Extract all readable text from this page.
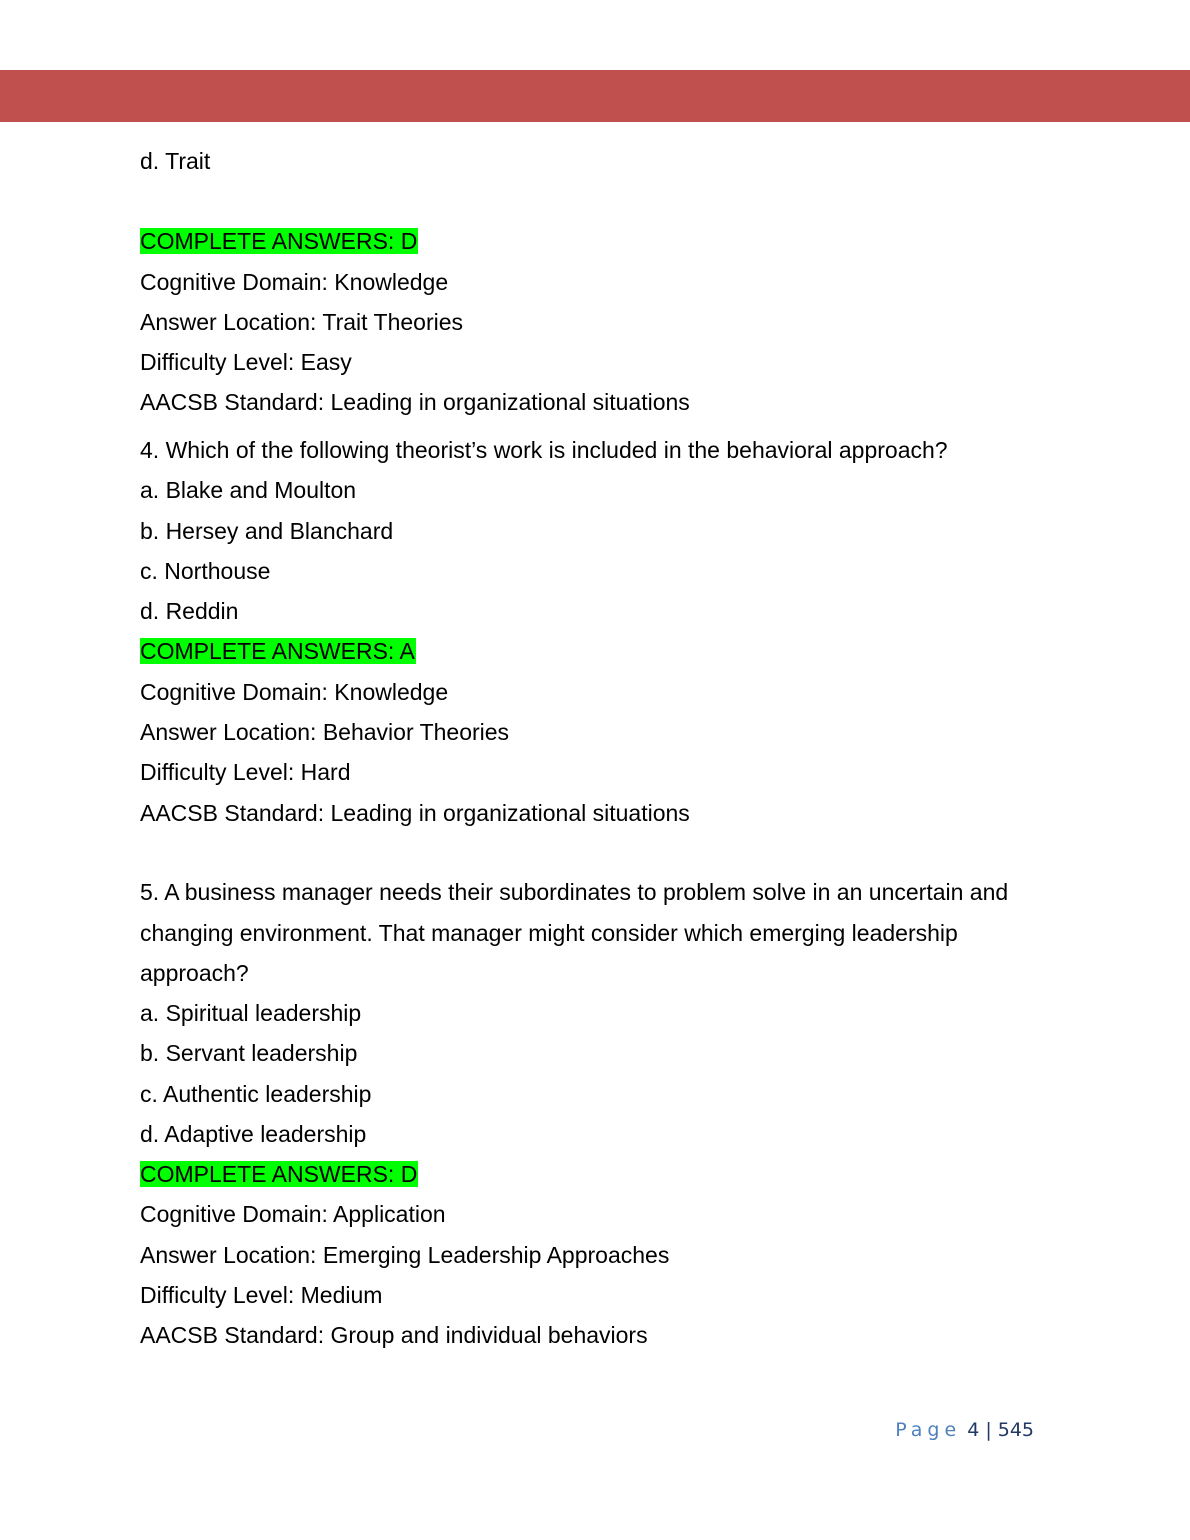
d. Trait
COMPLETE ANSWERS: D
Cognitive Domain: Knowledge
Answer Location: Trait Theories
Difficulty Level: Easy
AACSB Standard: Leading in organizational situations
4. Which of the following theorist’s work is included in the behavioral approach?
a. Blake and Moulton
b. Hersey and Blanchard
c. Northouse
d. Reddin
COMPLETE ANSWERS: A
Cognitive Domain: Knowledge
Answer Location: Behavior Theories
Difficulty Level: Hard
AACSB Standard: Leading in organizational situations
5. A business manager needs their subordinates to problem solve in an uncertain and
changing environment. That manager might consider which emerging leadership
approach?
a. Spiritual leadership
b. Servant leadership
c. Authentic leadership
d. Adaptive leadership
COMPLETE ANSWERS: D
Cognitive Domain: Application
Answer Location: Emerging Leadership Approaches
Difficulty Level: Medium
AACSB Standard: Group and individual behaviors
Page 4 | 545
